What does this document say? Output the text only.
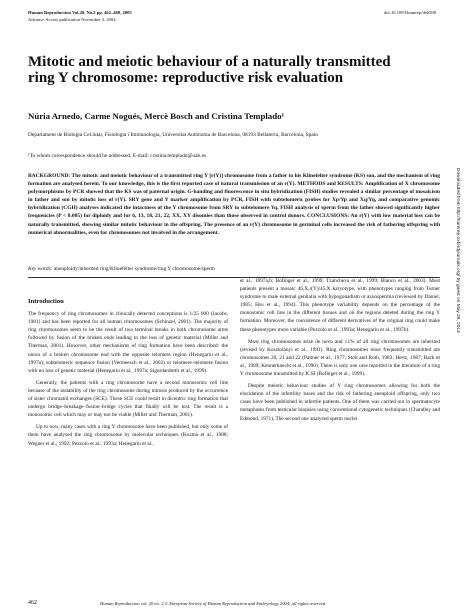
Human Reproduction Vol.20, No.2 pp. 462–468, 2005	doi:10.1093/humrep/deh598
Advance Access publication November 3, 2004.
Mitotic and meiotic behaviour of a naturally transmitted ring Y chromosome: reproductive risk evaluation
Núria Arnedo, Carme Nogués, Mercè Bosch and Cristina Templado¹
Departament de Biologia Cel.lular, Fisiologia i Immunologia, Universitat Autònoma de Barcelona, 08193 Bellaterra, Barcelona, Spain
¹To whom correspondence should be addressed. E-mail: cristina.templado@uab.es
BACKGROUND: The mitotic and meiotic behaviour of a transmitted ring Y [r(Y)] chromosome from a father to his Klinefelter syndrome (KS) son, and the mechanism of ring formation are analysed herein. To our knowledge, this is the first reported case of natural transmission of an r(Y). METHODS and RESULTS: Amplification of X chromosome polymorphisms by PCR showed that the KS was of paternal origin. G-banding and fluorescence in situ hybridization (FISH) studies revealed a similar percentage of mosaicism in father and son by mitotic loss of r(Y). SRY gene and Y marker amplification by PCR, FISH with subtelomeric probes for Xp/Yp and Xq/Yq, and comparative genomic hybridization (CGH) analyses indicated the intactness of the Y chromosome from SRY to subtelomere Yq. FISH analysis of sperm from the father showed significantly higher frequencies (P < 0.005) for diploidy and for 6, 13, 18, 21, 22, XX, XY disomies than those observed in control donors. CONCLUSIONS: An r(Y) with low material loss can be naturally transmitted, showing similar mitotic behaviour in the offspring. The presence of an r(Y) chromosome in germinal cells increased the risk of fathering offspring with numerical abnormalities, even for chromosomes not involved in the arrangement.
Key words: aneuploidy/inherited ring/Klinefelter syndrome/ring Y chromosome/sperm
Introduction

The frequency of ring chromosomes in clinically detected conceptions is 1/25 000 (Jacobs, 1981) and has been reported for all human chromosomes (Schinzel, 2001). The majority of ring chromosomes seem to be the result of two terminal breaks in both chromosome arms followed by fusion of the broken ends leading to the loss of genetic material (Miller and Therman, 2001). However, other mechanisms of ring formation have been described: the union of a broken chromosome end with the opposite telomere region (Henegariu et al., 1997a); subtelomeric sequence fusion (Vermeesch et al., 2002) or telomere–telomere fusion with no loss of genetic material (Henegariu et al., 1997a; Sigurdardottir et al., 1999).

Generally, the patients with a ring chromosome have a second monosomic cell line because of the instability of the ring chromosome during mitosis produced by the occurrence of sister chromatid exchanges (SCE). These SCE could result in dicentric ring formation that undergo bridge–breakage–fusion–bridge cycles that finally will be lost. The result is a monosomic cell which may or may not be viable (Miller and Therman, 2001).

Up to now, many cases with a ring Y chromosome have been published, but only some of them have analysed the ring chromosome by molecular techniques (Kozma et al., 1988; Wegner et al., 1992; Pezzolo et al., 1993a; Henegariu et al.,

et al., 1997a,b; Bofinger et al., 1999; Tzancheva et al., 1999; Blanco et al., 2003). Most patients present a mosaic 46,X,r(Y)/45,X karyotype, with phenotypes ranging from Turner syndrome to male external genitalia with hypogonadism or azoospermia (reviewed by Daniel, 1985; Hsu et al., 1994). This phenotype variability depends on the percentage of the monosomic cell line in the different tissues and on the regions deleted during the ring Y formation. Moreover, the coexistence of different derivatives of the original ring could make these phenotypes more variable (Pezzolo et al., 1993a; Henegariu et al., 1997b).

Most ring chromosomes arise de novo and ≤1% of all ring chromosomes are inherited (revised by Kosztolányi et al., 1991). Ring chromosomes most frequently transmitted are chromosomes 20, 21 and 22 (Palmer et al., 1977; Stoll and Roth, 1983; Hertz, 1987; Back et al., 1989; Kennerknecht et al., 1990). There is only one case reported in the literature of a ring Y chromosome transmitted by ICSI (Bofinger et al., 1999).

Despite meiotic behaviour studies of Y ring chromosomes allowing for both the elucidation of the infertility bases and the risk of fathering aneuploid offspring, only two cases have been published in infertile patients. One of them was carried out in spermatocyte metaphases from testicular biopsies using conventional cytogenetic techniques (Chandley and Edmond, 1971). The second one analysed sperm nuclei

Downloaded from http://humrep.oxfordjournals.org/ by guest on May 28, 2014
462	Human Reproduction vol. 20 no. 2 © European Society of Human Reproduction and Embryology 2004; all rights reserved
